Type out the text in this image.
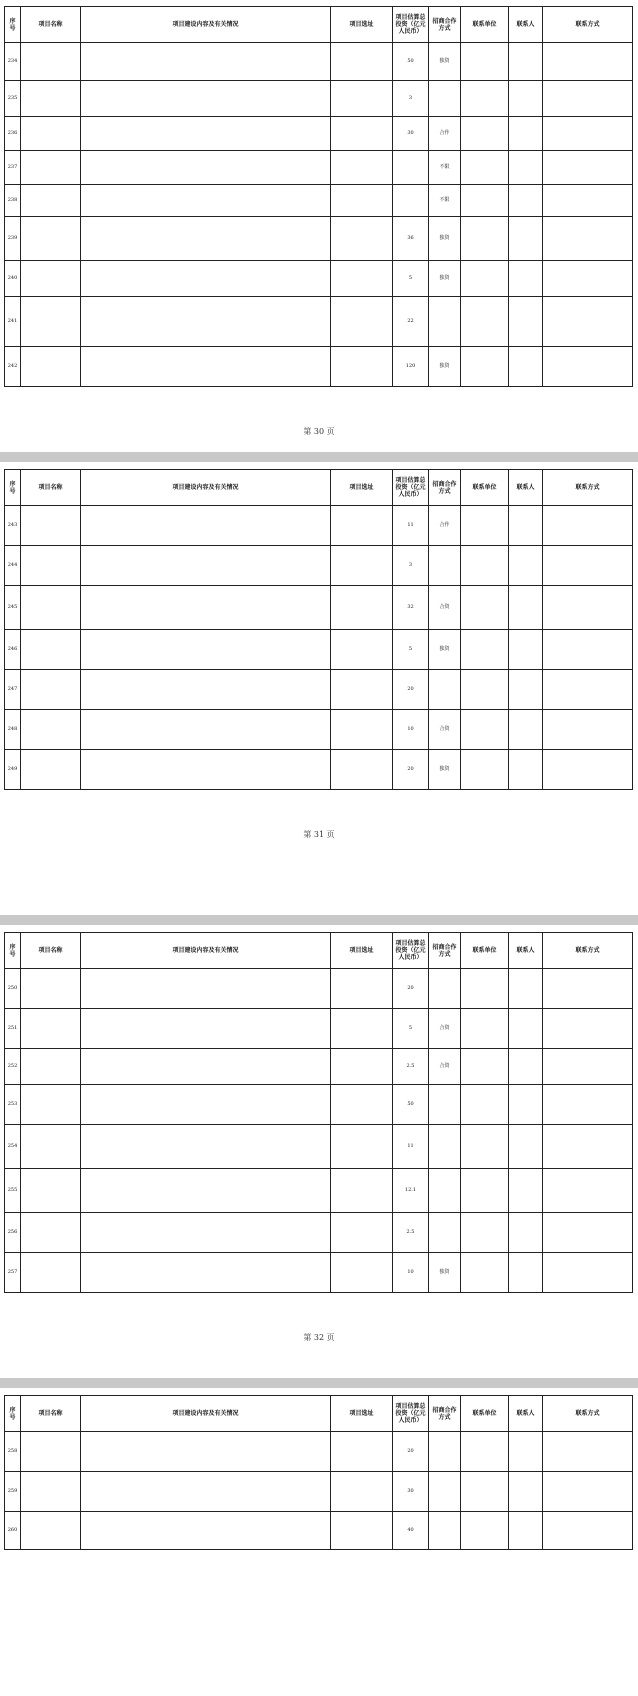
序号	项目名称	项目建设内容及有关情况	项目选址	项目估算总投资（亿元人民币）	招商合作方式	联系单位	联系人	联系方式
234				50	独资			
235				3				
236				30	合作			
237					不限			
238					不限			
239				36	独资			
240				5	独资			
241				22				
242				120	独资			
第 30 页
序号	项目名称	项目建设内容及有关情况	项目选址	项目估算总投资（亿元人民币）	招商合作方式	联系单位	联系人	联系方式
243				11	合作			
244				3				
245				32	合资			
246				5	独资			
247				20				
248				10	合资			
249				20	独资			
第 31 页
序号	项目名称	项目建设内容及有关情况	项目选址	项目估算总投资（亿元人民币）	招商合作方式	联系单位	联系人	联系方式
250				20				
251				5	合资			
252				2.5	合资			
253				50				
254				11				
255				12.1				
256				2.5				
257				10	独资			
第 32 页
序号	项目名称	项目建设内容及有关情况	项目选址	项目估算总投资（亿元人民币）	招商合作方式	联系单位	联系人	联系方式
258				20				
259				30				
260				40				
